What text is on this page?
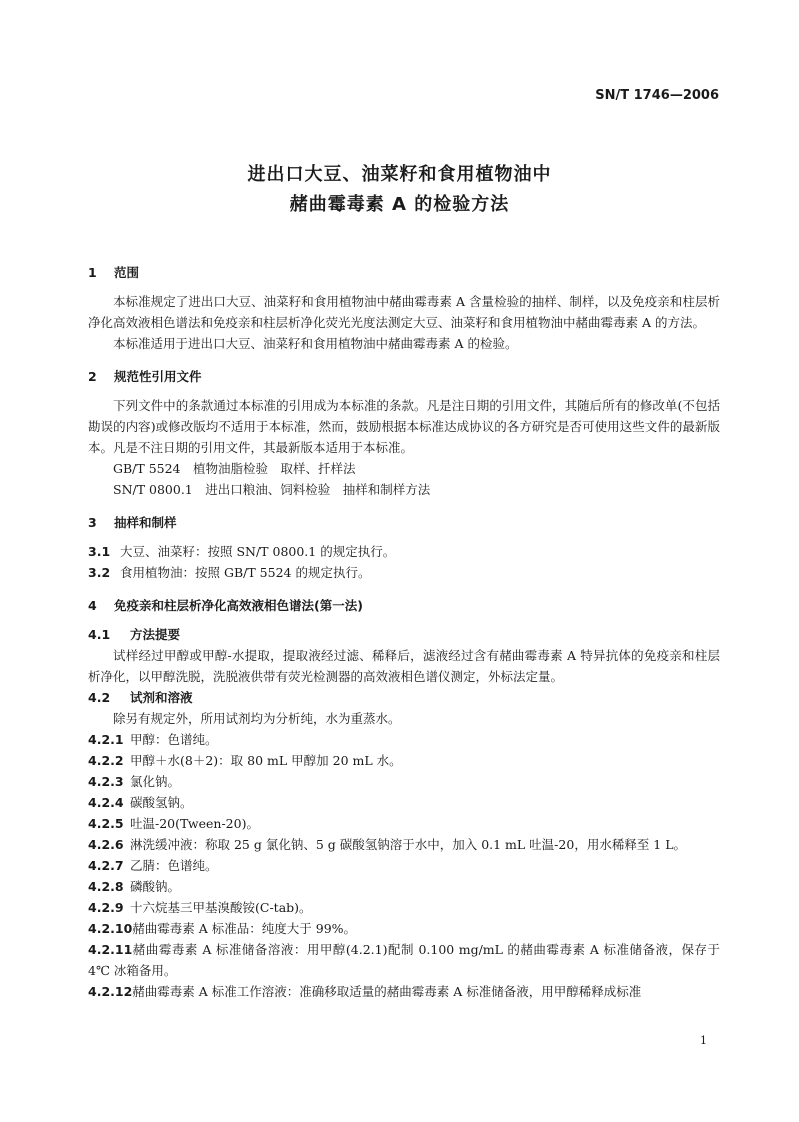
SN/T 1746—2006
进出口大豆、油菜籽和食用植物油中
赭曲霉毒素 A 的检验方法
1 范围
本标准规定了进出口大豆、油菜籽和食用植物油中赭曲霉毒素 A 含量检验的抽样、制样，以及免疫亲和柱层析净化高效液相色谱法和免疫亲和柱层析净化荧光光度法测定大豆、油菜籽和食用植物油中赭曲霉毒素 A 的方法。
本标准适用于进出口大豆、油菜籽和食用植物油中赭曲霉毒素 A 的检验。
2 规范性引用文件
下列文件中的条款通过本标准的引用成为本标准的条款。凡是注日期的引用文件，其随后所有的修改单(不包括勘误的内容)或修改版均不适用于本标准，然而，鼓励根据本标准达成协议的各方研究是否可使用这些文件的最新版本。凡是不注日期的引用文件，其最新版本适用于本标准。
GB/T 5524　植物油脂检验　取样、扦样法
SN/T 0800.1　进出口粮油、饲料检验　抽样和制样方法
3 抽样和制样
3.1 大豆、油菜籽：按照 SN/T 0800.1 的规定执行。
3.2 食用植物油：按照 GB/T 5524 的规定执行。
4 免疫亲和柱层析净化高效液相色谱法(第一法)
4.1 方法提要
试样经过甲醇或甲醇-水提取，提取液经过滤、稀释后，滤液经过含有赭曲霉毒素 A 特异抗体的免疫亲和柱层析净化，以甲醇洗脱，洗脱液供带有荧光检测器的高效液相色谱仪测定，外标法定量。
4.2 试剂和溶液
除另有规定外，所用试剂均为分析纯，水为重蒸水。
4.2.1 甲醇：色谱纯。
4.2.2 甲醇＋水(8＋2)：取 80 mL 甲醇加 20 mL 水。
4.2.3 氯化钠。
4.2.4 碳酸氢钠。
4.2.5 吐温-20(Tween-20)。
4.2.6 淋洗缓冲液：称取 25 g 氯化钠、5 g 碳酸氢钠溶于水中，加入 0.1 mL 吐温-20，用水稀释至 1 L。
4.2.7 乙腈：色谱纯。
4.2.8 磷酸钠。
4.2.9 十六烷基三甲基溴酸铵(C-tab)。
4.2.10赭曲霉毒素 A 标准品：纯度大于 99%。
4.2.11赭曲霉毒素 A 标准储备溶液：用甲醇(4.2.1)配制 0.100 mg/mL 的赭曲霉毒素 A 标准储备液，保存于 4℃ 冰箱备用。
4.2.12赭曲霉毒素 A 标准工作溶液：准确移取适量的赭曲霉毒素 A 标准储备液，用甲醇稀释成标准
1
